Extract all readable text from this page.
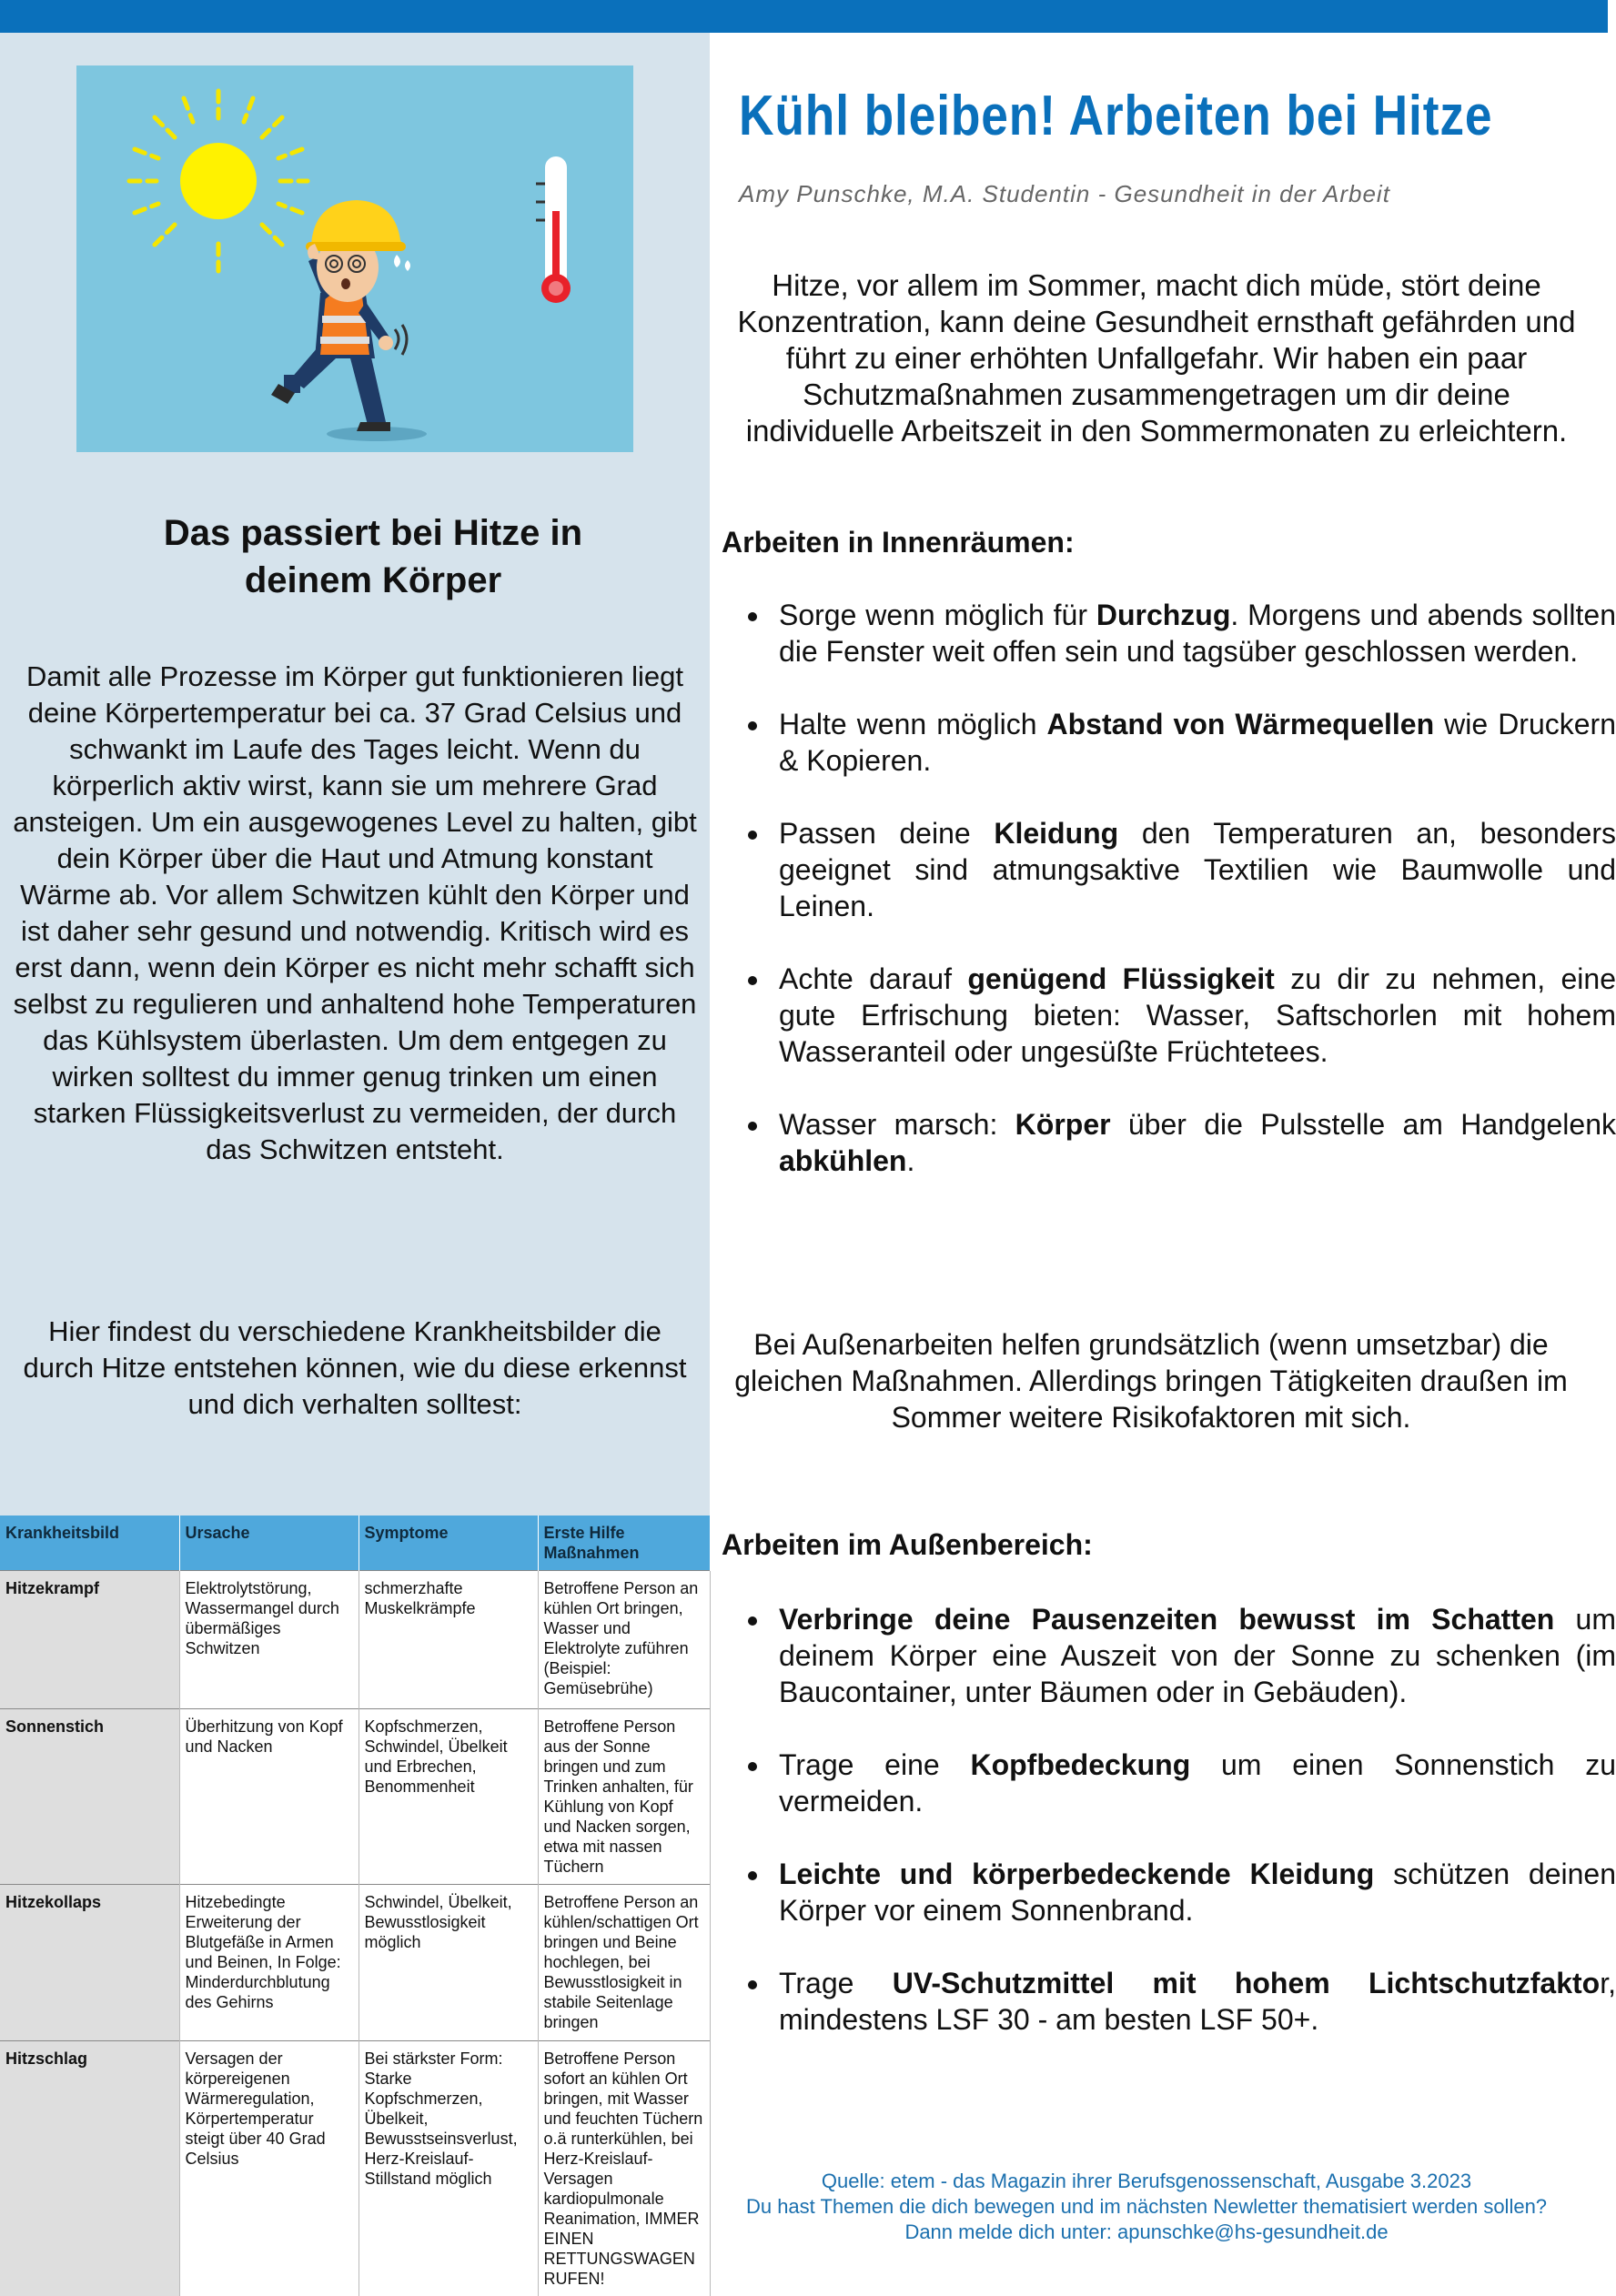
Kühl bleiben! Arbeiten bei Hitze
Amy Punschke, M.A. Studentin - Gesundheit in der Arbeit
Hitze, vor allem im Sommer, macht dich müde, stört deine Konzentration, kann deine Gesundheit ernsthaft gefährden und führt zu einer erhöhten Unfallgefahr. Wir haben ein paar Schutzmaßnahmen zusammengetragen um dir deine individuelle Arbeitszeit in den Sommermonaten zu erleichtern.
Das passiert bei Hitze in
deinem Körper
Damit alle Prozesse im Körper gut funktionieren liegt deine Körpertemperatur bei ca. 37 Grad Celsius und schwankt im Laufe des Tages leicht. Wenn du körperlich aktiv wirst, kann sie um mehrere Grad ansteigen. Um ein ausgewogenes Level zu halten, gibt dein Körper über die Haut und Atmung konstant Wärme ab. Vor allem Schwitzen kühlt den Körper und ist daher sehr gesund und notwendig. Kritisch wird es erst dann, wenn dein Körper es nicht mehr schafft sich selbst zu regulieren und anhaltend hohe Temperaturen das Kühlsystem überlasten. Um dem entgegen zu wirken solltest du immer genug trinken um einen starken Flüssigkeitsverlust zu vermeiden, der durch das Schwitzen entsteht.
Hier findest du verschiedene Krankheitsbilder die durch Hitze entstehen können, wie du diese erkennst und dich verhalten solltest:
Krankheitsbild	Ursache	Symptome	Erste Hilfe Maßnahmen
Hitzekrampf	Elektrolytstörung, Wassermangel durch übermäßiges Schwitzen	schmerzhafte Muskelkrämpfe	Betroffene Person an kühlen Ort bringen, Wasser und Elektrolyte zuführen (Beispiel: Gemüsebrühe)
Sonnenstich	Überhitzung von Kopf und Nacken	Kopfschmerzen, Schwindel, Übelkeit und Erbrechen, Benommenheit	Betroffene Person aus der Sonne bringen und zum Trinken anhalten, für Kühlung von Kopf und Nacken sorgen, etwa mit nassen Tüchern
Hitzekollaps	Hitzebedingte Erweiterung der Blutgefäße in Armen und Beinen, In Folge: Minderdurchblutung des Gehirns	Schwindel, Übelkeit, Bewusstlosigkeit möglich	Betroffene Person an kühlen/schattigen Ort bringen und Beine hochlegen, bei Bewusstlosigkeit in stabile Seitenlage bringen
Hitzschlag	Versagen der körpereigenen Wärmeregulation, Körpertemperatur steigt über 40 Grad Celsius	Bei stärkster Form: Starke Kopfschmerzen, Übelkeit, Bewusstseinsverlust, Herz-Kreislauf-Stillstand möglich	Betroffene Person sofort an kühlen Ort bringen, mit Wasser und feuchten Tüchern o.ä runterkühlen, bei Herz-Kreislauf-Versagen kardiopulmonale Reanimation, IMMER EINEN RETTUNGSWAGEN RUFEN!
Arbeiten in Innenräumen:
• Sorge wenn möglich für Durchzug. Morgens und abends sollten die Fenster weit offen sein und tagsüber geschlossen werden.
• Halte wenn möglich Abstand von Wärmequellen wie Druckern & Kopieren.
• Passen deine Kleidung den Temperaturen an, besonders geeignet sind atmungsaktive Textilien wie Baumwolle und Leinen.
• Achte darauf genügend Flüssigkeit zu dir zu nehmen, eine gute Erfrischung bieten: Wasser, Saftschorlen mit hohem Wasseranteil oder ungesüßte Früchtetees.
• Wasser marsch: Körper über die Pulsstelle am Handgelenk abkühlen.
Bei Außenarbeiten helfen grundsätzlich (wenn umsetzbar) die gleichen Maßnahmen. Allerdings bringen Tätigkeiten draußen im Sommer weitere Risikofaktoren mit sich.
Arbeiten im Außenbereich:
• Verbringe deine Pausenzeiten bewusst im Schatten um deinem Körper eine Auszeit von der Sonne zu schenken (im Baucontainer, unter Bäumen oder in Gebäuden).
• Trage eine Kopfbedeckung um einen Sonnenstich zu vermeiden.
• Leichte und körperbedeckende Kleidung schützen deinen Körper vor einem Sonnenbrand.
• Trage UV-Schutzmittel mit hohem Lichtschutzfaktor, mindestens LSF 30 - am besten LSF 50+.
Quelle: etem - das Magazin ihrer Berufsgenossenschaft, Ausgabe 3.2023
Du hast Themen die dich bewegen und im nächsten Newletter thematisiert werden sollen?
Dann melde dich unter: apunschke@hs-gesundheit.de
